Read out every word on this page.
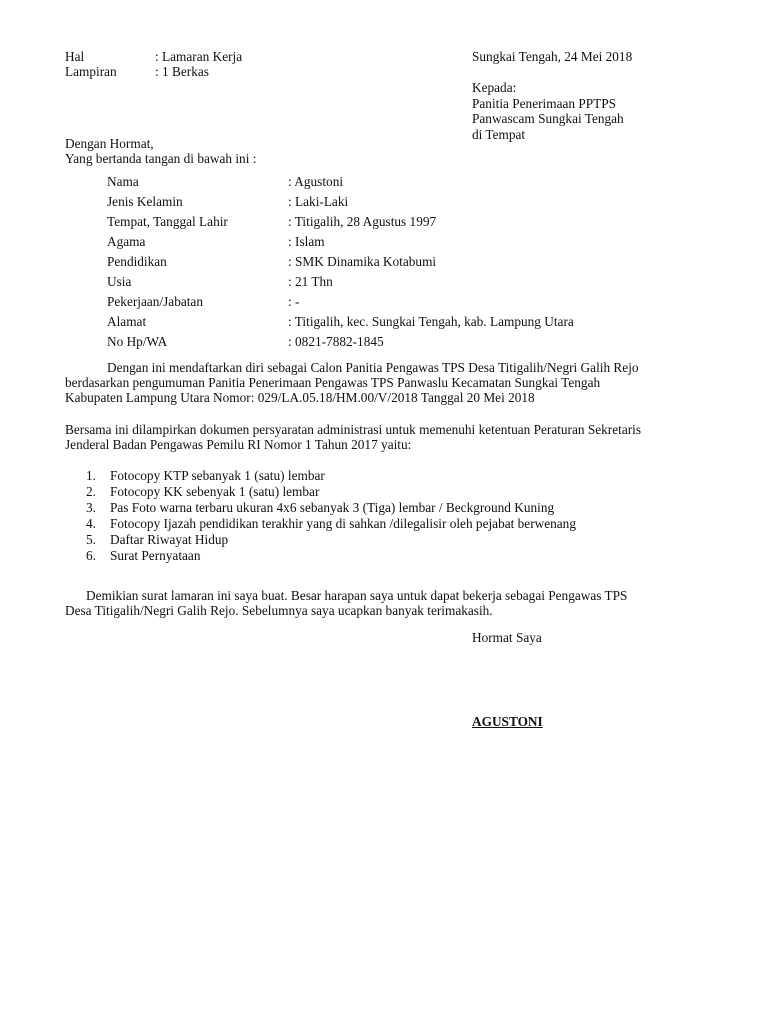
Hal	: Lamaran Kerja
Lampiran	: 1 Berkas
Sungkai Tengah, 24 Mei 2018
Kepada:
Panitia Penerimaan PPTPS
Panwascam Sungkai Tengah
di Tempat
Dengan Hormat,
Yang bertanda tangan di bawah ini :
Nama	: Agustoni
Jenis Kelamin	: Laki-Laki
Tempat, Tanggal Lahir	: Titigalih, 28 Agustus 1997
Agama	: Islam
Pendidikan	: SMK Dinamika Kotabumi
Usia	: 21 Thn
Pekerjaan/Jabatan	: -
Alamat	: Titigalih, kec. Sungkai Tengah, kab. Lampung Utara
No Hp/WA	: 0821-7882-1845
Dengan ini mendaftarkan diri sebagai Calon Panitia Pengawas TPS Desa Titigalih/Negri Galih Rejo
berdasarkan pengumuman Panitia Penerimaan Pengawas TPS Panwaslu Kecamatan Sungkai Tengah
Kabupaten Lampung Utara Nomor: 029/LA.05.18/HM.00/V/2018 Tanggal 20 Mei 2018
Bersama ini dilampirkan dokumen persyaratan administrasi untuk memenuhi ketentuan Peraturan Sekretaris
Jenderal Badan Pengawas Pemilu RI Nomor 1 Tahun 2017 yaitu:
1. Fotocopy KTP sebanyak 1 (satu) lembar
2. Fotocopy KK sebenyak 1 (satu) lembar
3. Pas Foto warna terbaru ukuran 4x6 sebanyak 3 (Tiga) lembar / Beckground Kuning
4. Fotocopy Ijazah pendidikan terakhir yang di sahkan /dilegalisir oleh pejabat berwenang
5. Daftar Riwayat Hidup
6. Surat Pernyataan
Demikian surat lamaran ini saya buat. Besar harapan saya untuk dapat bekerja sebagai Pengawas TPS
Desa Titigalih/Negri Galih Rejo. Sebelumnya saya ucapkan banyak terimakasih.
Hormat Saya
AGUSTONI
